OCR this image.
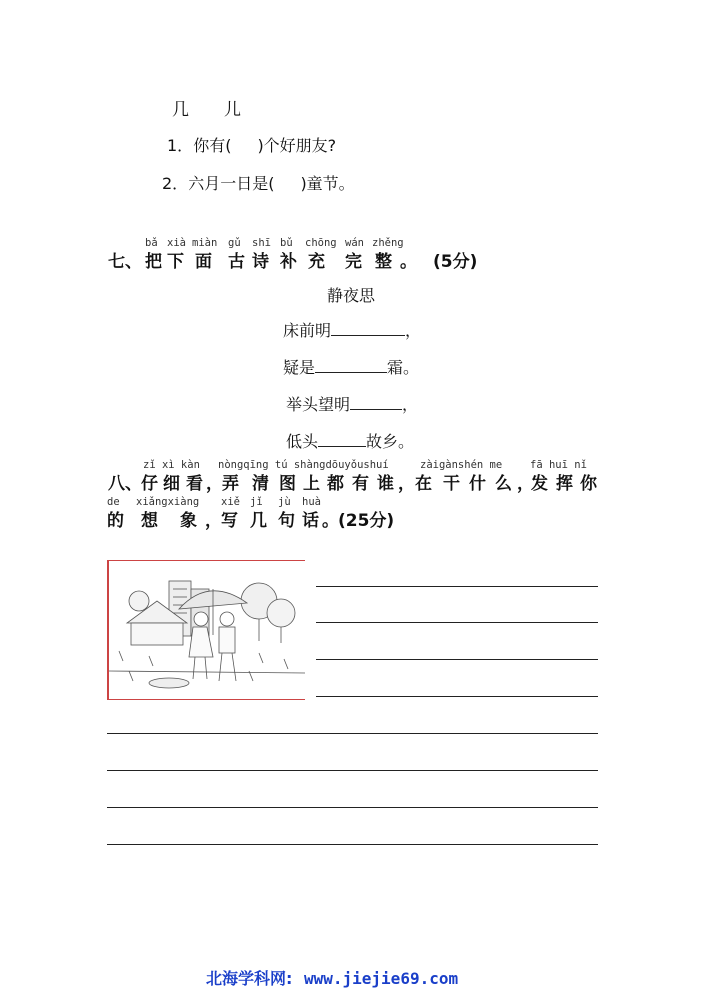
几 儿
1．你有( )个好朋友?
2．六月一日是( )童节。
bǎ xià miàn gǔ shī bǔ chōng wán zhěng
七、 把 下 面 古 诗 补 充 完 整 。 (5分)
静夜思
床前明	，
疑是	霜。
举头望明	，
低头	故乡。
zǐ xì kàn nòngqīng tú shàngdōuyǒushuí	zàigànshén me	fā huī nǐ
八、 仔 细 看 ， 弄 清 图 上 都 有 谁 ， 在 干 什 么 ，
发 挥 你
de xiǎngxiàng xiě jǐ jù huà
的 想 象 ， 写 几 句 话 。 (25分)
北海学科网: www.jiejie69.com
